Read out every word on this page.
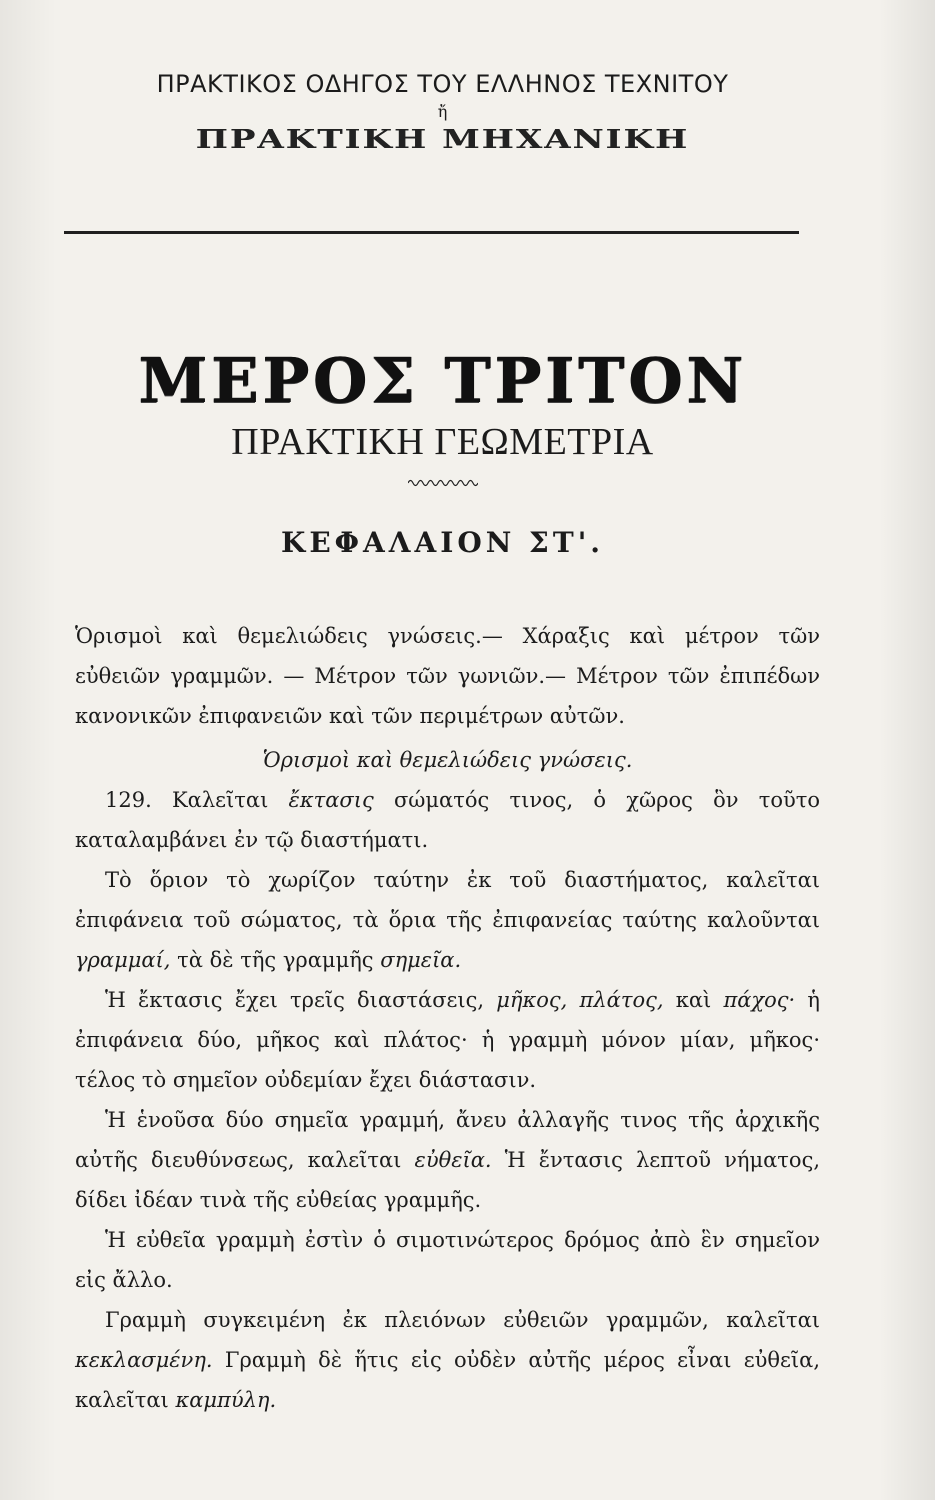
ΠΡΑΚΤΙΚΟΣ ΟΔΗΓΟΣ ΤΟΥ ΕΛΛΗΝΟΣ ΤΕΧΝΙΤΟΥ
ἤ
ΠΡΑΚΤΙΚΗ ΜΗΧΑΝΙΚΗ
ΜΕΡΟΣ ΤΡΙΤΟΝ
ΠΡΑΚΤΙΚΗ ΓΕΩΜΕΤΡΙΑ
ΚΕΦΑΛΑΙΟΝ ΣΤ'.

Ὁρισμοὶ καὶ θεμελιώδεις γνώσεις.— Χάραξις καὶ μέτρον τῶν εὐθειῶν γραμμῶν. — Μέτρον τῶν γωνιῶν.— Μέτρον τῶν ἐπιπέδων κανονικῶν ἐπιφανειῶν καὶ τῶν περιμέτρων αὐτῶν.

Ὁρισμοὶ καὶ θεμελιώδεις γνώσεις.

129. Καλεῖται ἔκτασις σώματός τινος, ὁ χῶρος ὃν τοῦτο καταλαμβάνει ἐν τῷ διαστήματι.

Τὸ ὅριον τὸ χωρίζον ταύτην ἐκ τοῦ διαστήματος, καλεῖται ἐπιφάνεια τοῦ σώματος, τὰ ὅρια τῆς ἐπιφανείας ταύτης καλοῦνται γραμμαί, τὰ δὲ τῆς γραμμῆς σημεῖα.

Ἡ ἔκτασις ἔχει τρεῖς διαστάσεις, μῆκος, πλάτος, καὶ πάχος· ἡ ἐπιφάνεια δύο, μῆκος καὶ πλάτος· ἡ γραμμὴ μόνον μίαν, μῆκος· τέλος τὸ σημεῖον οὐδεμίαν ἔχει διάστασιν.

Ἡ ἑνοῦσα δύο σημεῖα γραμμή, ἄνευ ἀλλαγῆς τινος τῆς ἀρχικῆς αὐτῆς διευθύνσεως, καλεῖται εὐθεῖα. Ἡ ἔντασις λεπτοῦ νήματος, δίδει ἰδέαν τινὰ τῆς εὐθείας γραμμῆς.

Ἡ εὐθεῖα γραμμὴ ἐστὶν ὁ σιμοτινώτερος δρόμος ἀπὸ ἓν σημεῖον εἰς ἄλλο.

Γραμμὴ συγκειμένη ἐκ πλειόνων εὐθειῶν γραμμῶν, καλεῖται κεκλασμένη. Γραμμὴ δὲ ἥτις εἰς οὐδὲν αὐτῆς μέρος εἶναι εὐθεῖα, καλεῖται καμπύλη.
